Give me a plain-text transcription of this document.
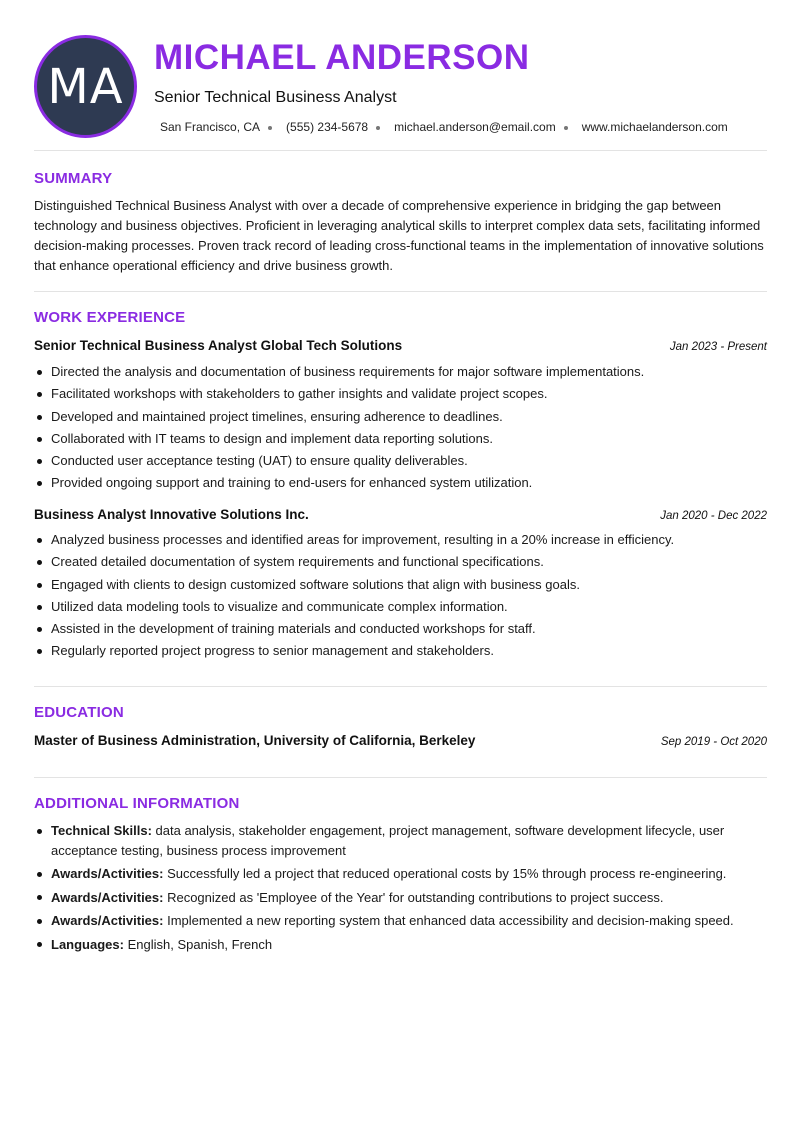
MA
MICHAEL ANDERSON
Senior Technical Business Analyst
San Francisco, CA (555) 234-5678 michael.anderson@email.com www.michaelanderson.com
SUMMARY
Distinguished Technical Business Analyst with over a decade of comprehensive experience in bridging the gap between technology and business objectives. Proficient in leveraging analytical skills to interpret complex data sets, facilitating informed decision-making processes. Proven track record of leading cross-functional teams in the implementation of innovative solutions that enhance operational efficiency and drive business growth.
WORK EXPERIENCE
Senior Technical Business Analyst Global Tech Solutions	Jan 2023 - Present
Directed the analysis and documentation of business requirements for major software implementations.
Facilitated workshops with stakeholders to gather insights and validate project scopes.
Developed and maintained project timelines, ensuring adherence to deadlines.
Collaborated with IT teams to design and implement data reporting solutions.
Conducted user acceptance testing (UAT) to ensure quality deliverables.
Provided ongoing support and training to end-users for enhanced system utilization.
Business Analyst Innovative Solutions Inc.	Jan 2020 - Dec 2022
Analyzed business processes and identified areas for improvement, resulting in a 20% increase in efficiency.
Created detailed documentation of system requirements and functional specifications.
Engaged with clients to design customized software solutions that align with business goals.
Utilized data modeling tools to visualize and communicate complex information.
Assisted in the development of training materials and conducted workshops for staff.
Regularly reported project progress to senior management and stakeholders.
EDUCATION
Master of Business Administration, University of California, Berkeley	Sep 2019 - Oct 2020
ADDITIONAL INFORMATION
Technical Skills: data analysis, stakeholder engagement, project management, software development lifecycle, user acceptance testing, business process improvement
Awards/Activities: Successfully led a project that reduced operational costs by 15% through process re-engineering.
Awards/Activities: Recognized as 'Employee of the Year' for outstanding contributions to project success.
Awards/Activities: Implemented a new reporting system that enhanced data accessibility and decision-making speed.
Languages: English, Spanish, French
